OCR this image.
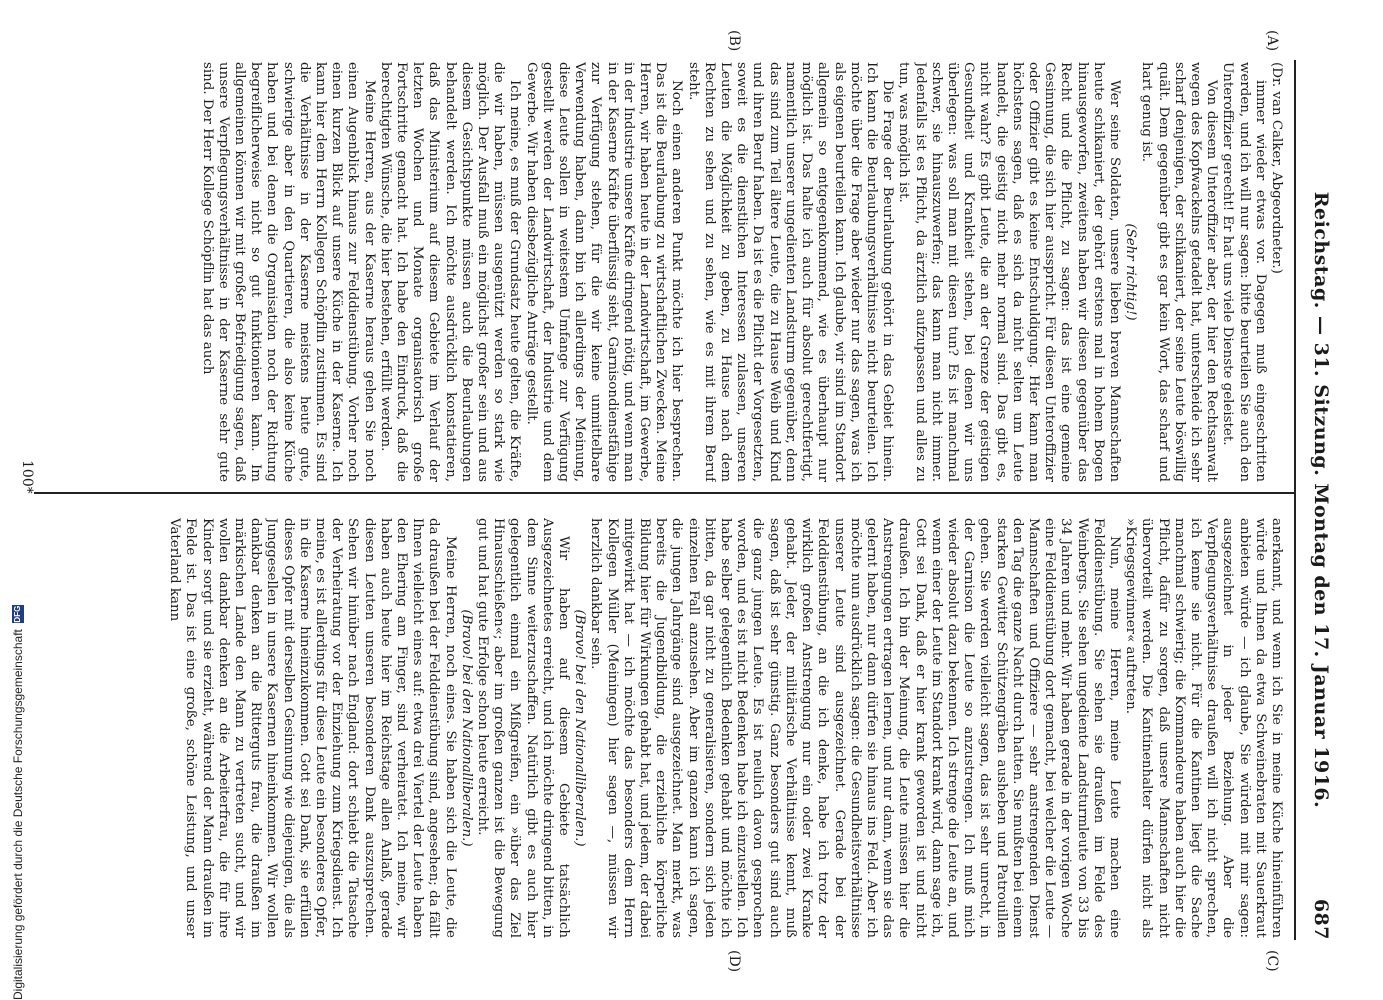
Reichstag. — 31. Sitzung. Montag den 17. Januar 1916.
687
(A)
(B)
(C)
(D)

(Dr. van Calker, Abgeordneter.)

immer wieder etwas vor. Dagegen muß eingeschritten werden, und ich will nur sagen: bitte beurteilen Sie auch den Unteroffizier gerecht! Er hat uns viele Dienste geleistet.

Von diesem Unteroffizier aber, der hier den Rechtsanwalt wegen des Kopfwackelns getadelt hat, unterscheide ich sehr scharf denjenigen, der schikaniert, der seine Leute böswillig quält. Dem gegenüber gibt es gar kein Wort, das scharf und hart genug ist.

(Sehr richtig!)

Wer seine Soldaten, unsere lieben braven Mannschaften heute schikaniert, der gehört erstens mal in hohem Bogen hinausgeworfen, zweitens haben wir diesen gegenüber das Recht und die Pflicht, zu sagen: das ist eine gemeine Gesinnung, die sich hier ausspricht. Für diesen Unteroffizier oder Offizier gibt es keine Entschuldigung. Hier kann man höchstens sagen, daß es sich da nicht selten um Leute handelt, die geistig nicht mehr normal sind. Das gibt es, nicht wahr? Es gibt Leute, die an der Grenze der geistigen Gesundheit und Krankheit stehen, bei denen wir uns überlegen: was soll man mit diesen tun? Es ist manchmal schwer, sie hinauszuwerfen; das kann man nicht immer. Jedenfalls ist es Pflicht, da ärztlich aufzupassen und alles zu tun, was möglich ist.

Die Frage der Beurlaubung gehört in das Gebiet hinein. Ich kann die Beurlaubungsverhältnisse nicht beurteilen. Ich möchte über die Frage aber wieder nur das sagen, was ich als eigenen beurteilen kann. Ich glaube, wir sind im Standort allgemein so entgegenkommend, wie es überhaupt nur möglich ist. Das halte ich auch für absolut gerechtfertigt, namentlich unserer ungedienten Landsturm gegenüber, denn das sind zum Teil ältere Leute, die zu Hause Weib und Kind und ihren Beruf haben. Da ist es die Pflicht der Vorgesetzten, soweit es die dienstlichen Interessen zulassen, unseren Leuten die Möglichkeit zu geben, zu Hause nach dem Rechten zu sehen und zu sehen, wie es mit ihrem Beruf steht.

Noch einen anderen Punkt möchte ich hier besprechen. Das ist die Beurlaubung zu wirtschaftlichen Zwecken. Meine Herren, wir haben heute in der Landwirtschaft, im Gewerbe, in der Industrie unsere Kräfte dringend nötig, und wenn man in der Kaserne Kräfte überflüssig sieht, Garnisondienstfähige zur Verfügung stehen, für die wir keine unmittelbare Verwendung haben, dann bin ich allerdings der Meinung, diese Leute sollen in weitestem Umfange zur Verfügung gestellt werden der Landwirtschaft, der Industrie und dem Gewerbe. Wir haben diesbezügliche Anträge gestellt.

Ich meine, es muß der Grundsatz heute gelten, die Kräfte, die wir haben, müssen ausgenützt werden so stark wie möglich. Der Ausfall muß ein möglichst großer sein und aus diesem Gesichtspunkte müssen auch die Beurlaubungen behandelt werden. Ich möchte ausdrücklich konstatieren, daß das Ministerium auf diesem Gebiete im Verlauf der letzten Wochen und Monate organisatorisch große Fortschritte gemacht hat. Ich habe den Eindruck, daß die berechtigten Wünsche, die hier bestehen, erfüllt werden.

Meine Herren, aus der Kaserne heraus gehen Sie noch einen Augenblick hinaus zur Felddienstübung. Vorher noch einen kurzen Blick auf unsere Küche in der Kaserne. Ich kann hier dem Herrn Kollegen Schöpflin zustimmen. Es sind die Verhältnisse in der Kaserne meistens heute gute, schwierige aber in den Quartieren, die also keine Küche haben und bei denen die Organisation noch der Richtung begreiflicherweise nicht so gut funktionieren kann. Im allgemeinen können wir mit großer Befriedigung sagen, daß unsere Verpflegungsverhältnisse in der Kaserne sehr gute sind. Der Herr Kollege Schöpflin hat das auch

anerkannt, und wenn ich Sie in meine Küche hineinführen würde und Ihnen da etwa Schweinebraten mit Sauerkraut anbieten würde — ich glaube, Sie würden mit mir sagen: ausgezeichnet in jeder Beziehung. Aber die Verpflegungsverhältnisse draußen will ich nicht sprechen, ich kenne sie nicht. Für die Kantinen liegt die Sache manchmal schwierig; die Kommandeure haben auch hier die Pflicht, dafür zu sorgen, daß unsere Mannschaften nicht übervorteilt werden. Die Kantinenhalter dürfen nicht als »Kriegsgewinner« auftreten.

Nun, meine Herren, meine Leute machen eine Felddienstübung. Sie sehen sie draußen im Felde des Weinbergs. Sie sehen ungediente Landsturmleute von 33 bis 34 Jahren und mehr. Wir haben gerade in der vorigen Woche eine Felddienstübung dort gemacht, bei welcher die Leute — Mannschaften und Offiziere — sehr anstrengenden Dienst den Tag die ganze Nacht durch hatten. Sie mußten bei einem starken Gewitter Schützengräben ausheben und Patrouillen gehen. Sie werden vielleicht sagen, das ist sehr unrecht, in der Garnison die Leute so anzustrengen. Ich muß mich wieder absolut dazu bekennen. Ich strenge die Leute an, und wenn einer der Leute im Standort krank wird, dann sage ich, Gott sei Dank, daß er hier krank geworden ist und nicht draußen. Ich bin der Meinung, die Leute müssen hier die Anstrengungen ertragen lernen, und nur dann, wenn sie das gelernt haben, nur dann dürfen sie hinaus ins Feld. Aber ich möchte nun ausdrücklich sagen: die Gesundheitsverhältnisse unserer Leute sind ausgezeichnet. Gerade bei der Felddienstübung, an die ich denke, habe ich trotz der wirklich großen Anstrengung nur ein oder zwei Kranke gehabt. Jeder, der militärische Verhältnisse kennt, muß sagen, daß ist sehr günstig. Ganz besonders gut sind auch die ganz jungen Leute. Es ist neulich davon gesprochen worden, und es ist nicht Bedenken habe ich einzustellen. Ich habe selber gelegentlich Bedenken gehabt und möchte ich bitten, da gar nicht zu generalisieren, sondern sich jeden einzelnen Fall anzusehen. Aber im ganzen kann ich sagen, die jungen Jahrgänge sind ausgezeichnet. Man merkt, was bereits die Jugendbildung, die erziehliche körperliche Bildung hier für Wirkungen gehabt hat, und jedem, der dabei mitgewirkt hat — ich möchte das besonders dem Herrn Kollegen Müller (Meiningen) hier sagen —, müssen wir herzlich dankbar sein.

(Bravo! bei den Nationalliberalen.)

Wir haben auf diesem Gebiete tatsächlich Ausgezeichnetes erreicht, und ich möchte dringend bitten, in dem Sinne weiterzuschaffen. Natürlich gibt es auch hier gelegentlich einmal ein Mißgreifen, ein »über das Ziel Hinausschießen«; aber im großen ganzen ist die Bewegung gut und hat gute Erfolge schon heute erreicht.

(Bravo! bei den Nationalliberalen.)

Meine Herren, noch eines. Sie haben sich die Leute, die da draußen bei der Felddienstübung sind, angesehen; da fällt Ihnen vielleicht eines auf: etwa drei Viertel der Leute haben den Ehering am Finger, sind verheiratet. Ich meine, wir haben auch heute hier im Reichstage allen Anlaß, gerade diesen Leuten unseren besonderen Dank auszusprechen. Sehen wir hinüber nach England: dort schiebt die Tatsache der Verheiratung vor der Einziehung zum Kriegsdienst. Ich meine, es ist allerdings für diese Leute ein besonderes Opfer, in die Kaserne hineinzukommen. Gott sei Dank, sie erfüllen dieses Opfer mit derselben Gesinnung wie diejenigen, die als Junggesellen in unsere Kasernen hineinkommen. Wir wollen dankbar denken an die Ritterguts frau, die draußen im märkischen Lande den Mann zu vertreten sucht, und wir wollen dankbar denken an die Arbeiterfrau, die für ihre Kinder sorgt und sie erzieht, während der Mann draußen im Felde ist. Das ist eine große, schöne Leistung, und unser Vaterland kann

100*
Digitalisierung gefördert durch die Deutsche Forschungsgemeinschaft
DFG
